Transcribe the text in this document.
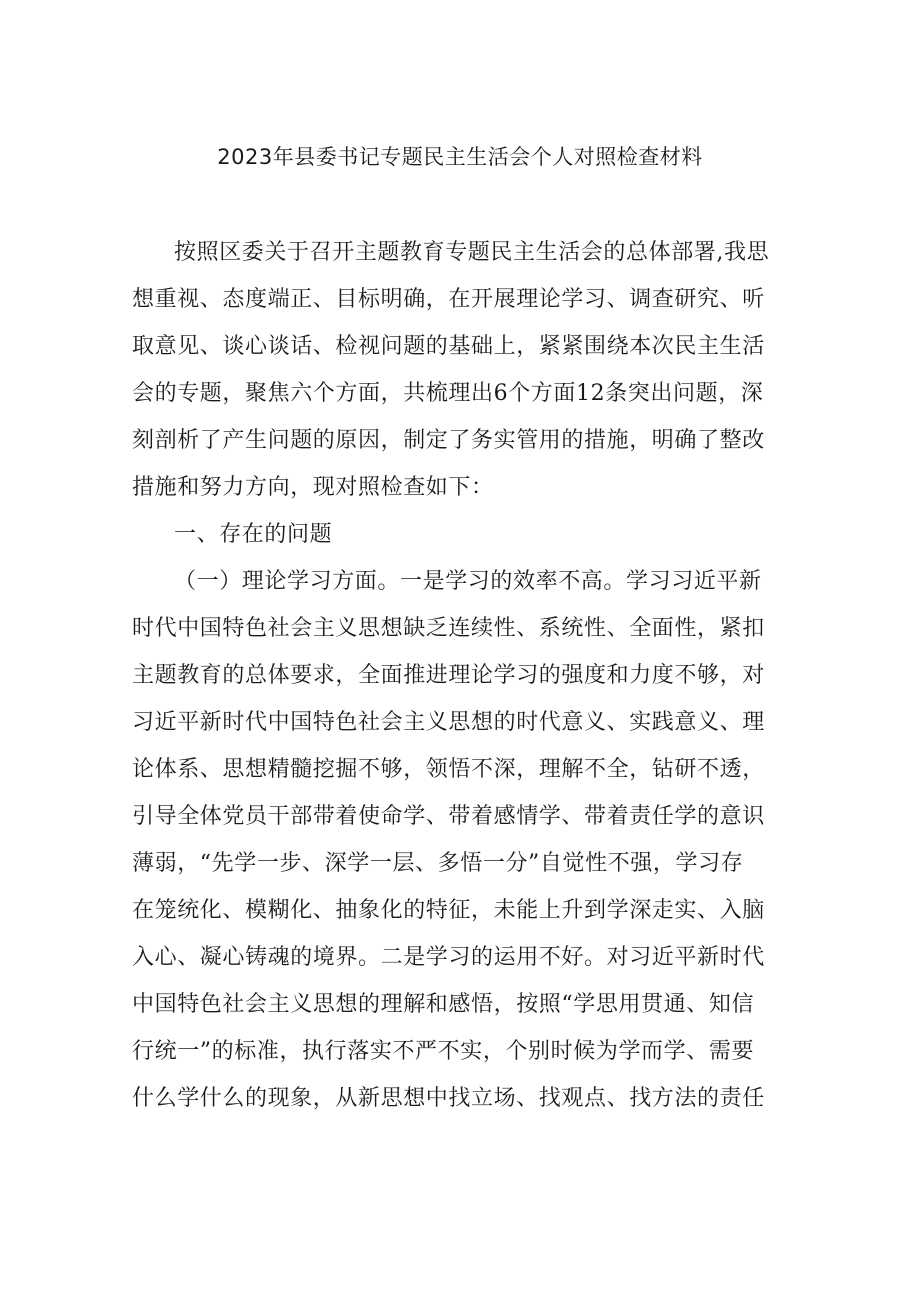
2023年县委书记专题民主生活会个人对照检查材料
按照区委关于召开主题教育专题民主生活会的总体部署,我思
想重视、态度端正、目标明确，在开展理论学习、调查研究、听
取意见、谈心谈话、检视问题的基础上，紧紧围绕本次民主生活
会的专题，聚焦六个方面，共梳理出6个方面12条突出问题，深
刻剖析了产生问题的原因，制定了务实管用的措施，明确了整改
措施和努力方向，现对照检查如下：
一、存在的问题
（一）理论学习方面。一是学习的效率不高。学习习近平新
时代中国特色社会主义思想缺乏连续性、系统性、全面性，紧扣
主题教育的总体要求，全面推进理论学习的强度和力度不够，对
习近平新时代中国特色社会主义思想的时代意义、实践意义、理
论体系、思想精髓挖掘不够，领悟不深，理解不全，钻研不透，
引导全体党员干部带着使命学、带着感情学、带着责任学的意识
薄弱，“先学一步、深学一层、多悟一分”自觉性不强，学习存
在笼统化、模糊化、抽象化的特征，未能上升到学深走实、入脑
入心、凝心铸魂的境界。二是学习的运用不好。对习近平新时代
中国特色社会主义思想的理解和感悟，按照“学思用贯通、知信
行统一”的标准，执行落实不严不实，个别时候为学而学、需要
什么学什么的现象，从新思想中找立场、找观点、找方法的责任
